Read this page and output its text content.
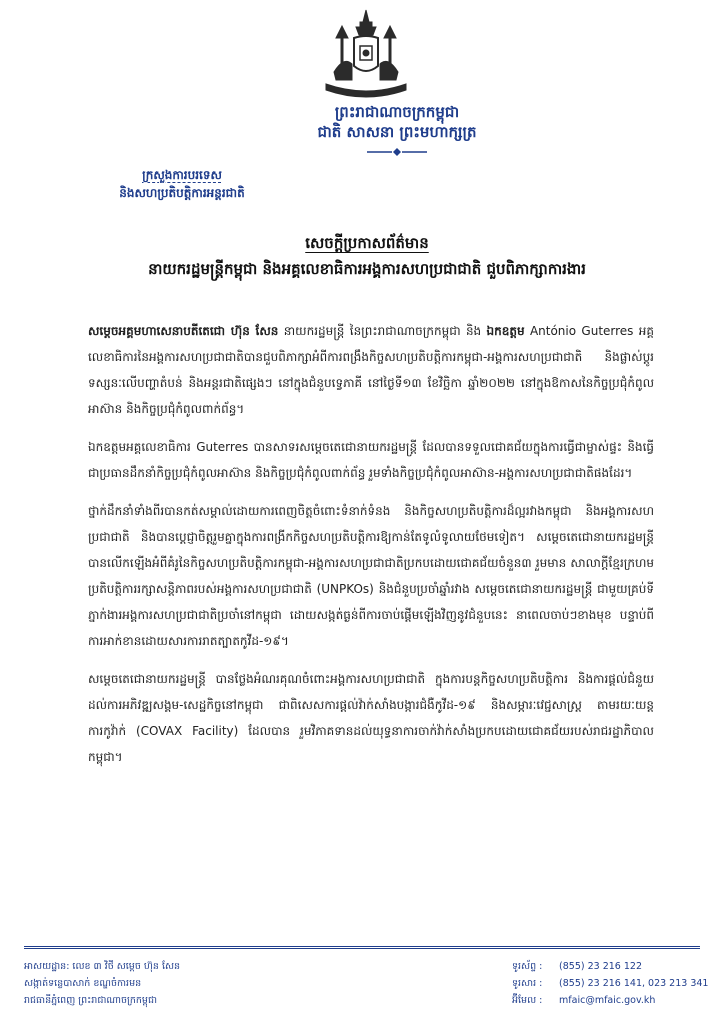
ព្រះរាជាណាចក្រកម្ពុជា
ជាតិ សាសនា ព្រះមហាក្សត្រ
ក្រសួងការបរទេស
និងសហប្រតិបត្តិការអន្តរជាតិ
សេចក្តីប្រកាសព័ត៌មាន
នាយករដ្ឋមន្ត្រីកម្ពុជា និងអគ្គលេខាធិការអង្គការសហប្រជាជាតិ ជួបពិភាក្សាការងារ

សម្តេចអគ្គមហាសេនាបតីតេជោ ហ៊ុន សែន នាយករដ្ឋមន្ត្រី នៃព្រះរាជាណាចក្រកម្ពុជា និង ឯកឧត្តម António Guterres អគ្គលេខាធិការនៃអង្គការសហប្រជាជាតិបានជួបពិភាក្សាអំពីការពង្រឹងកិច្ចសហប្រតិបត្តិការកម្ពុជា-អង្គការសហប្រជាជាតិ និងផ្លាស់ប្តូរទស្សនៈលើបញ្ហាតំបន់ និងអន្តរជាតិផ្សេងៗ នៅក្នុងជំនួបទ្វេភាគី នៅថ្ងៃទី១៣ ខែវិច្ឆិកា ឆ្នាំ២០២២ នៅក្នុងឱកាសនៃកិច្ចប្រជុំកំពូលអាស៊ាន និងកិច្ចប្រជុំកំពូលពាក់ព័ន្ធ។

ឯកឧត្តមអគ្គលេខាធិការ Guterres បានសាទរសម្តេចតេជោនាយករដ្ឋមន្ត្រី ដែលបានទទួលជោគជ័យក្នុងការធ្វើជាម្ចាស់ផ្ទះ និងធ្វើជាប្រធានដឹកនាំកិច្ចប្រជុំកំពូលអាស៊ាន និងកិច្ចប្រជុំកំពូលពាក់ព័ន្ធ រួមទាំងកិច្ចប្រជុំកំពូលអាស៊ាន-អង្គការសហប្រជាជាតិផងដែរ។

ថ្នាក់ដឹកនាំទាំងពីរបានកត់សម្គាល់ដោយការពេញចិត្តចំពោះទំនាក់ទំនង និងកិច្ចសហប្រតិបត្តិការដ៏ល្អរវាងកម្ពុជា និងអង្គការសហប្រជាជាតិ និងបានប្តេជ្ញាចិត្តរួមគ្នាក្នុងការពង្រីកកិច្ចសហប្រតិបត្តិការឱ្យកាន់តែទូលំទូលាយថែមទៀត។ សម្តេចតេជោនាយករដ្ឋមន្ត្រី បានលើកឡើងអំពីគំរូនៃកិច្ចសហប្រតិបត្តិការកម្ពុជា-អង្គការសហប្រជាជាតិប្រកបដោយជោគជ័យចំនួន៣ រួមមាន សាលាក្តីខ្មែរក្រហម ប្រតិបត្តិការរក្សាសន្តិភាពរបស់អង្គការសហប្រជាជាតិ (UNPKOs) និងជំនួបប្រចាំឆ្នាំរវាង សម្តេចតេជោនាយករដ្ឋមន្ត្រី ជាមួយគ្រប់ទីភ្នាក់ងារអង្គការសហប្រជាជាតិប្រចាំនៅកម្ពុជា ដោយសង្កត់ធ្ងន់ពីការចាប់ផ្តើមឡើងវិញនូវជំនួបនេះ នាពេលចាប់ៗខាងមុខ បន្ទាប់ពីការអាក់ខានដោយសារការរាតត្បាតកូវីដ-១៩។

សម្តេចតេជោនាយករដ្ឋមន្ត្រី បានថ្លែងអំណរគុណចំពោះអង្គការសហប្រជាជាតិ ក្នុងការបន្តកិច្ចសហប្រតិបត្តិការ និងការផ្តល់ជំនួយដល់ការអភិវឌ្ឍសង្គម-សេដ្ឋកិច្ចនៅកម្ពុជា ជាពិសេសការផ្តល់វ៉ាក់សាំងបង្ការជំងឺកូវីដ-១៩ និងសម្ភារៈវេជ្ជសាស្ត្រ តាមរយៈយន្តការកូវ៉ាក់ (COVAX Facility) ដែលបាន រួមវិភាគទានដល់យុទ្ធនាការចាក់វ៉ាក់សាំងប្រកបដោយជោគជ័យរបស់រាជរដ្ឋាភិបាលកម្ពុជា។

អាសយដ្ឋាន: លេខ ៣ វិថី សម្តេច ហ៊ុន សែន
សង្កាត់ទន្លេបាសាក់ ខណ្ឌចំការមន
រាជធានីភ្នំពេញ ព្រះរាជាណាចក្រកម្ពុជា
ទូរស័ព្ទ : (855) 23 216 122
ទូរសារ : (855) 23 216 141, 023 213 341
អ៊ីមែល : mfaic@mfaic.gov.kh
